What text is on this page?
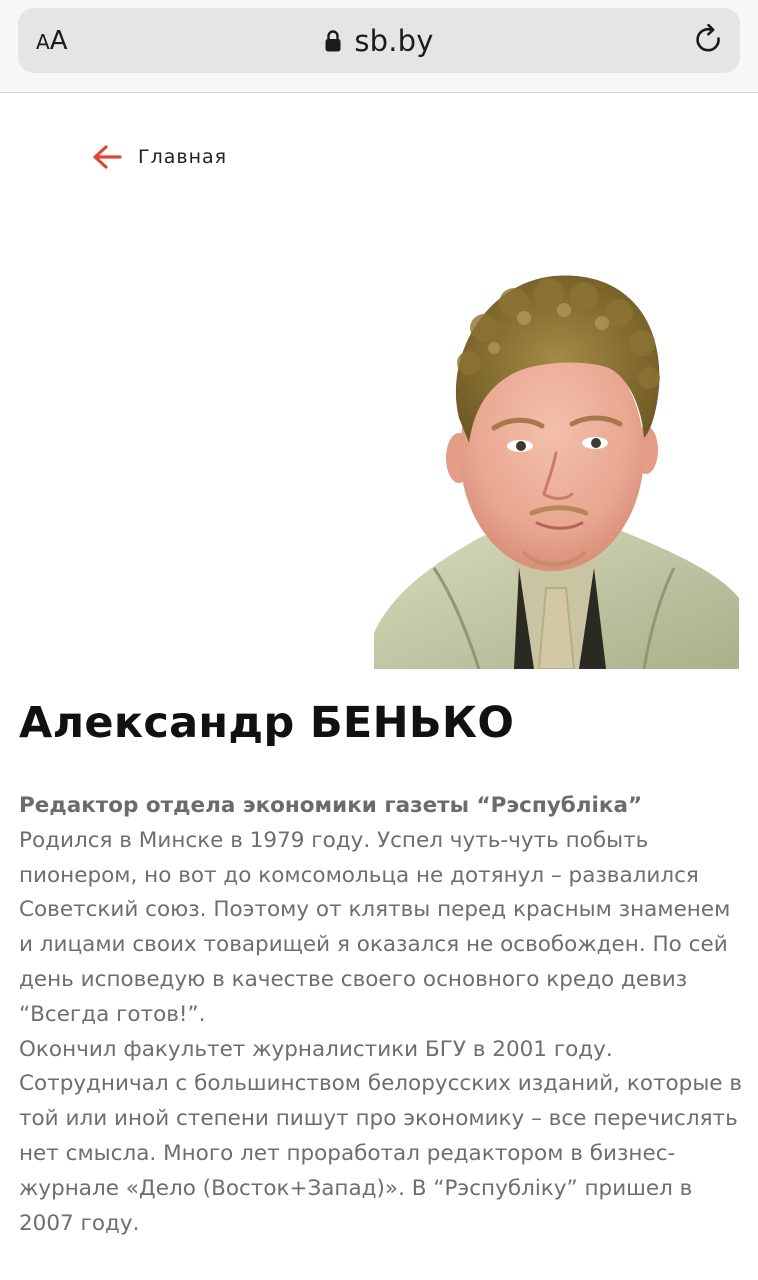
AA	sb.by
Главная
Александр БЕНЬКО
Редактор отдела экономики газеты “Рэспубліка”
Родился в Минске в 1979 году. Успел чуть-чуть побыть пионером, но вот до комсомольца не дотянул – развалился Советский союз. Поэтому от клятвы перед красным знаменем и лицами своих товарищей я оказался не освобожден. По сей день исповедую в качестве своего основного кредо девиз “Всегда готов!”.
Окончил факультет журналистики БГУ в 2001 году. Сотрудничал с большинством белорусских изданий, которые в той или иной степени пишут про экономику – все перечислять нет смысла. Много лет проработал редактором в бизнес-журнале «Дело (Восток+Запад)». В “Рэспубліку” пришел в 2007 году.
